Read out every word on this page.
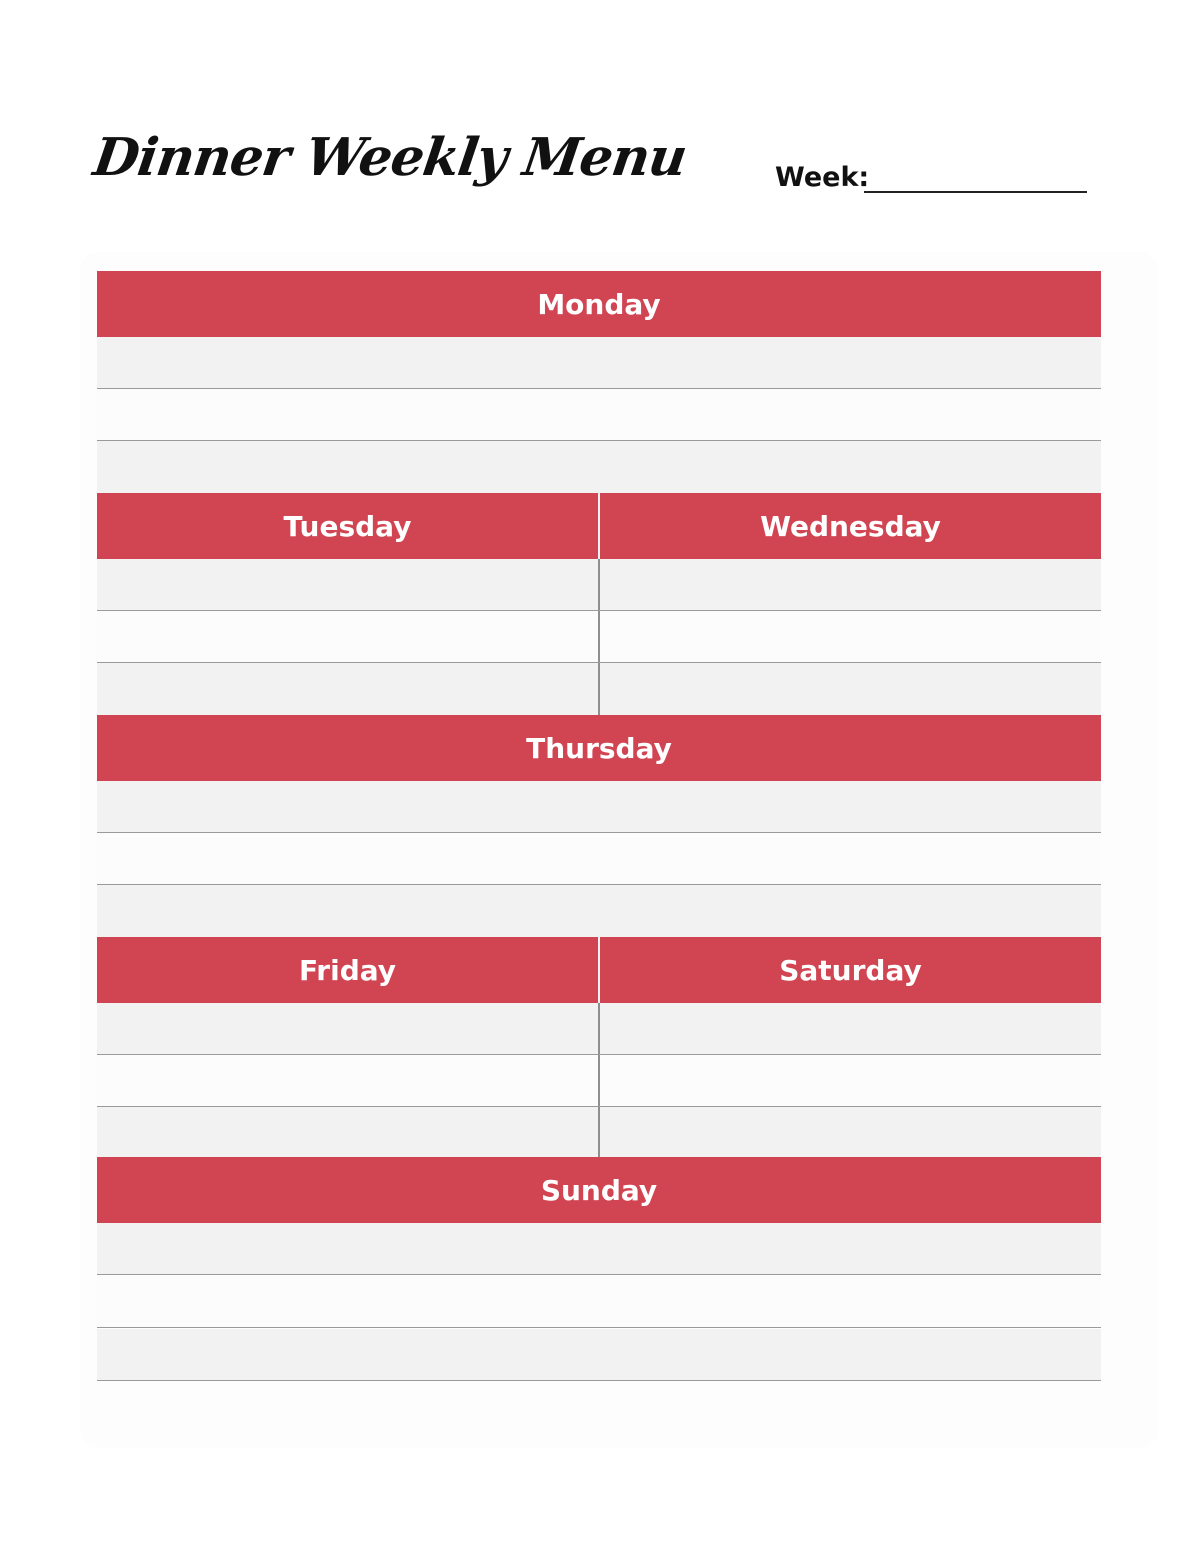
Dinner Weekly Menu	Week:
Monday
Tuesday	Wednesday
Thursday
Friday	Saturday
Sunday
